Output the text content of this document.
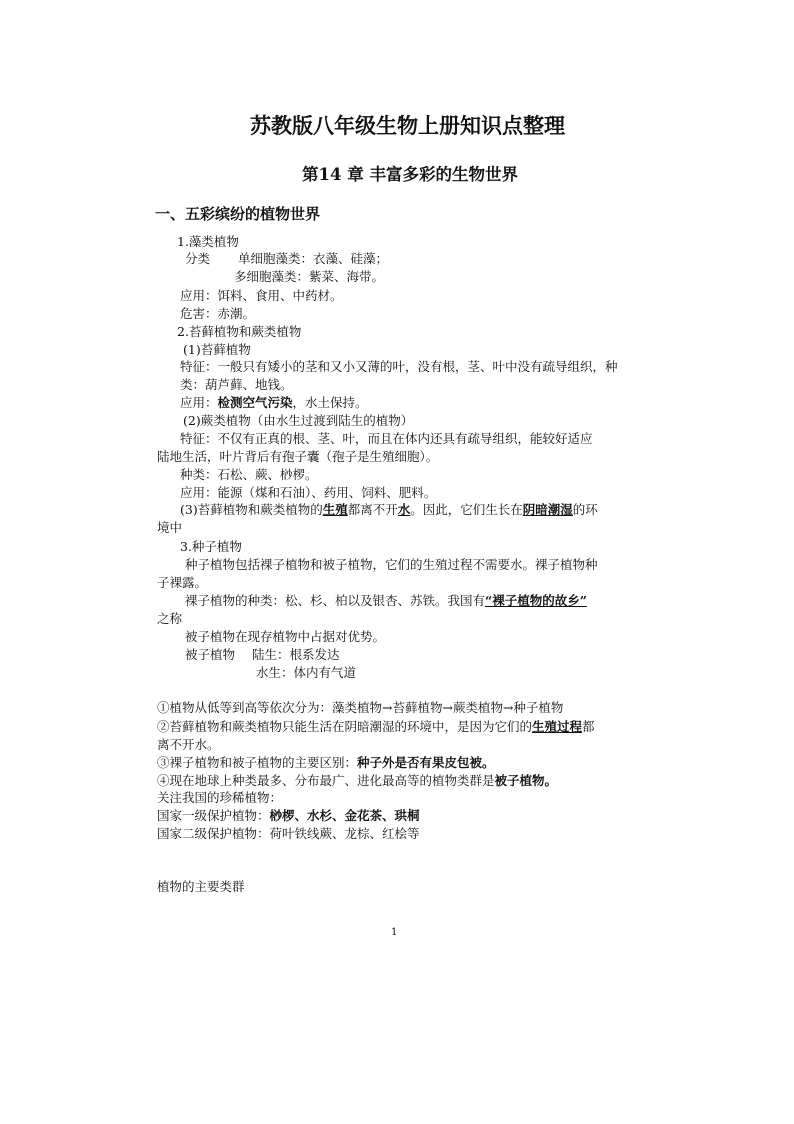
苏教版八年级生物上册知识点整理
第14 章 丰富多彩的生物世界
一、五彩缤纷的植物世界
1.藻类植物
分类 单细胞藻类：衣藻、硅藻；
多细胞藻类：紫菜、海带。
应用：饵料、食用、中药材。
危害：赤潮。
2.苔藓植物和蕨类植物
(1)苔藓植物
特征：一般只有矮小的茎和又小又薄的叶，没有根，茎、叶中没有疏导组织，种
类：葫芦藓、地钱。
应用：检测空气污染，水土保持。
(2)蕨类植物（由水生过渡到陆生的植物）
特征：不仅有正真的根、茎、叶，而且在体内还具有疏导组织，能较好适应
陆地生活，叶片背后有孢子囊（孢子是生殖细胞）。
种类：石松、蕨、桫椤。
应用：能源（煤和石油）、药用、饲料、肥料。
(3)苔藓植物和蕨类植物的生殖都离不开水。因此，它们生长在阴暗潮湿的环
境中
3.种子植物
种子植物包括裸子植物和被子植物，它们的生殖过程不需要水。裸子植物种
子裸露。
裸子植物的种类：松、杉、柏以及银杏、苏铁。我国有“裸子植物的故乡”
之称
被子植物在现存植物中占据对优势。
被子植物 陆生：根系发达
水生：体内有气道
①植物从低等到高等依次分为：藻类植物→苔藓植物→蕨类植物→种子植物
②苔藓植物和蕨类植物只能生活在阴暗潮湿的环境中，是因为它们的生殖过程都
离不开水。
③裸子植物和被子植物的主要区别：种子外是否有果皮包被。
④现在地球上种类最多、分布最广、进化最高等的植物类群是被子植物。
关注我国的珍稀植物：
国家一级保护植物：桫椤、水杉、金花茶、珙桐
国家二级保护植物：荷叶铁线蕨、龙棕、红桧等
植物的主要类群
1
